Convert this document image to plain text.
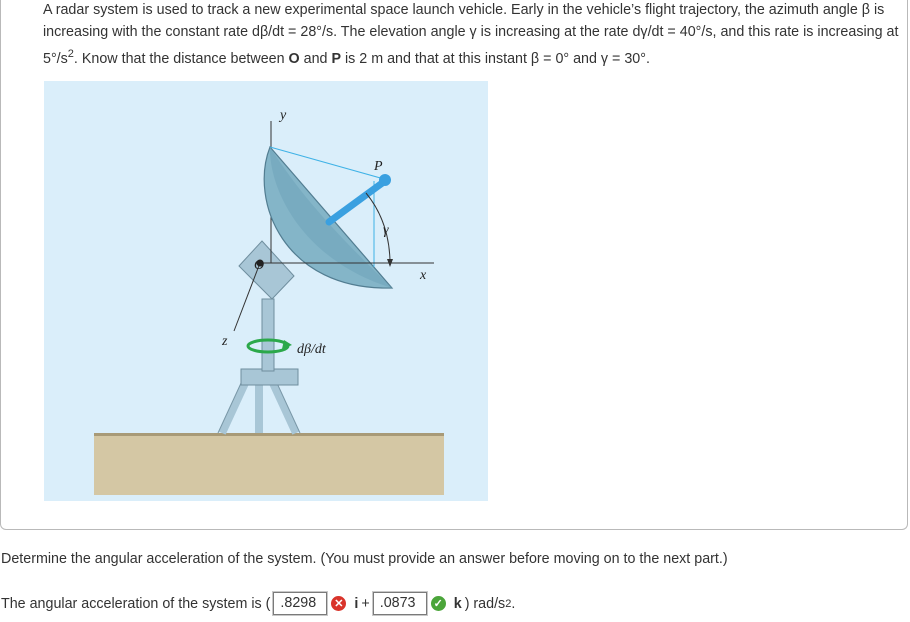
A radar system is used to track a new experimental space launch vehicle. Early in the vehicle’s flight trajectory, the azimuth angle β is increasing with the constant rate dβ/dt = 28°/s. The elevation angle γ is increasing at the rate dγ/dt = 40°/s, and this rate is increasing at $5^\circ/s^2$. Know that the distance between O and P is 2 m and that at this instant β = 0° and γ = 30°.
y
P
γ
O
x
z
dβ/dt
Determine the angular acceleration of the system. (You must provide an answer before moving on to the next part.)
The angular acceleration of the system is ( .8298	✕ i + .0873	✓ k ) rad/s 2 .
